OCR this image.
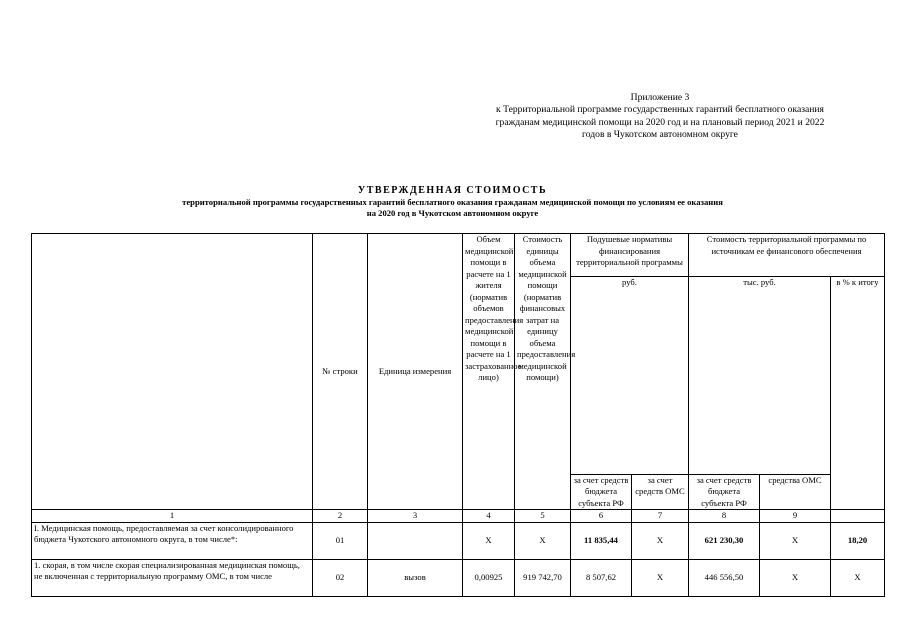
Приложение 3
к Территориальной программе государственных гарантий бесплатного оказания
гражданам медицинской помощи на 2020 год и на плановый период 2021 и 2022
годов в Чукотском автономном округе
УТВЕРЖДЕННАЯ СТОИМОСТЬ
территориальной программы государственных гарантий бесплатного оказания гражданам медицинской помощи по условиям ее оказания
на 2020 год в Чукотском автономном округе
	№ строки	Единица измерения	Объем медицинской помощи в расчете на 1 жителя (норматив объемов предоставления медицинской помощи в расчете на 1 застрахованное лицо)	Стоимость единицы объема медицинской помощи (норматив финансовых затрат на единицу объема предоставления медицинской помощи)	Подушевые нормативы финансирования территориальной программы		Стоимость территориальной программы по источникам ее финансового обеспечения		
					руб.		тыс. руб.		в % к итогу
					за счет средств бюджета субъекта РФ	за счет средств ОМС	за счет средств бюджета субъекта РФ	средства ОМС	
1	2	3	4	5	6	7	8	9	
I. Медицинская помощь, предоставляемая за счет консолидированного бюджета Чукотского автономного округа, в том числе*:	01		X	X	11 835,44	X	621 230,30	X	18,20
1. скорая, в том числе скорая специализированная медицинская помощь, не включенная с территориальную программу ОМС, в том числе	02	вызов	0,00925	919 742,70	8 507,62	X	446 556,50	X	X
